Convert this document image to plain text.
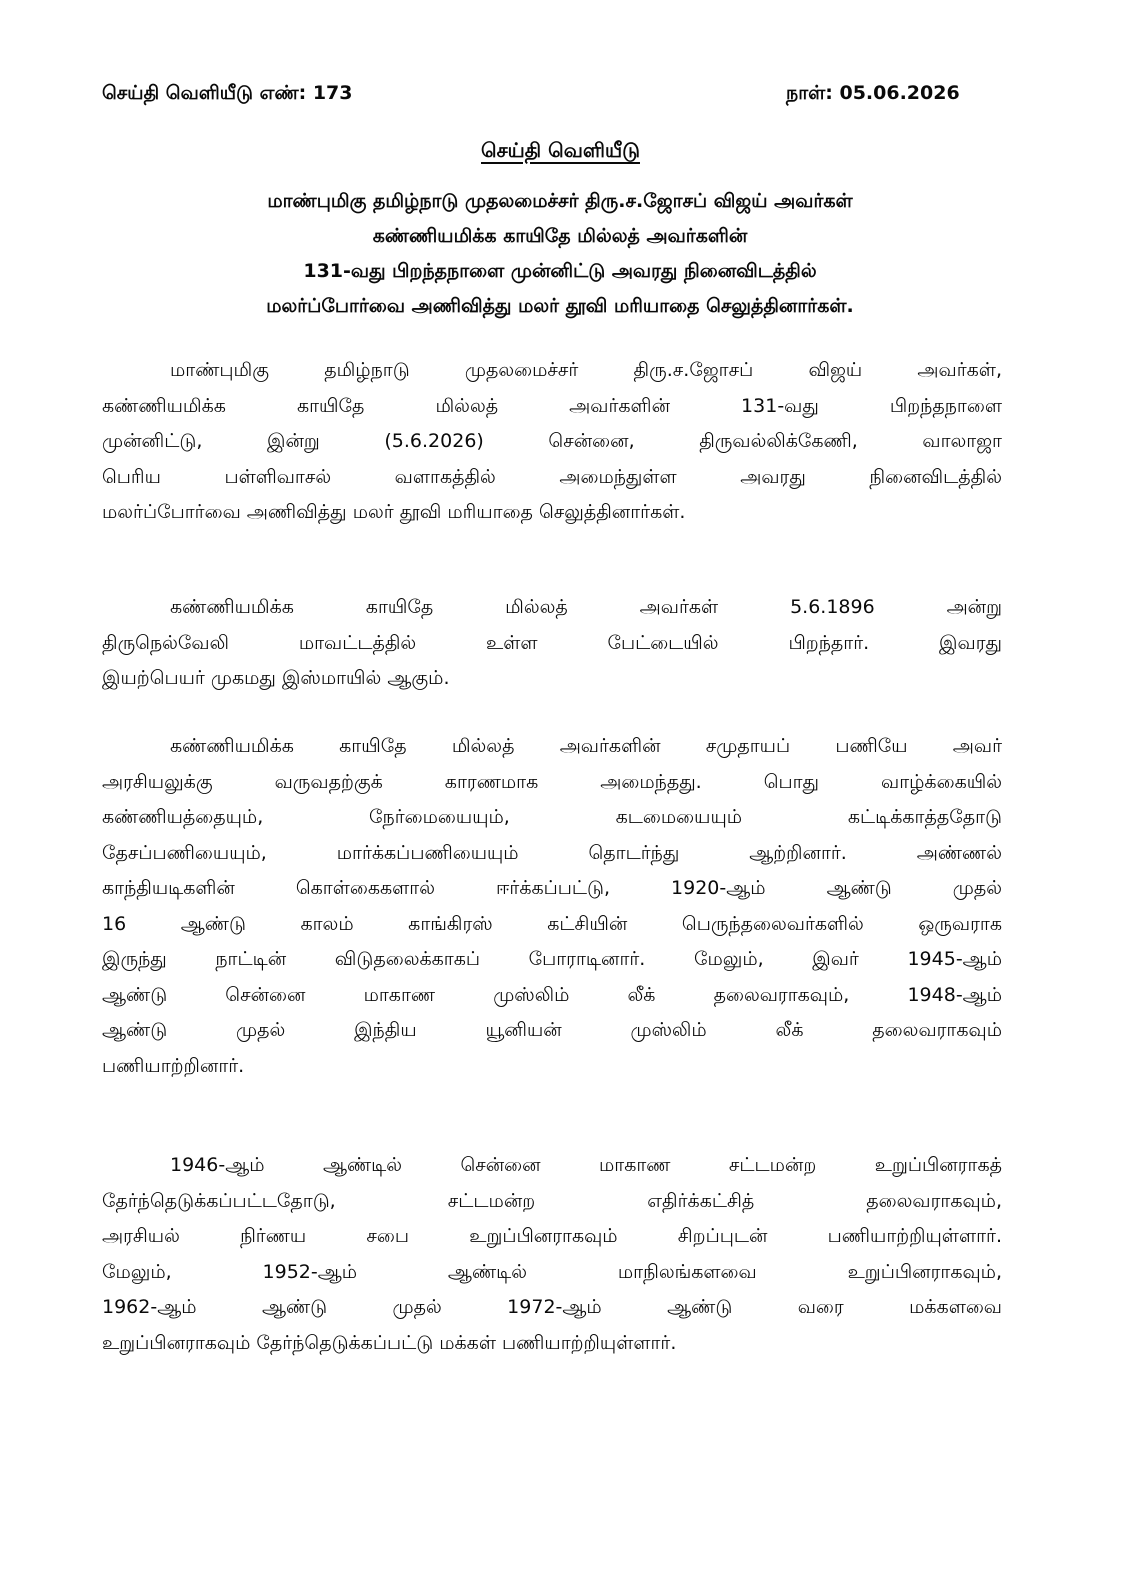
செய்தி வெளியீடு எண்: 173	நாள்: 05.06.2026
செய்தி வெளியீடு
மாண்புமிகு தமிழ்நாடு முதலமைச்சர் திரு.ச.ஜோசப் விஜய் அவர்கள்
கண்ணியமிக்க காயிதே மில்லத் அவர்களின்
131-வது பிறந்தநாளை முன்னிட்டு அவரது நினைவிடத்தில்
மலர்ப்போர்வை அணிவித்து மலர் தூவி மரியாதை செலுத்தினார்கள்.
மாண்புமிகு தமிழ்நாடு முதலமைச்சர் திரு.ச.ஜோசப் விஜய் அவர்கள்,
கண்ணியமிக்க காயிதே மில்லத் அவர்களின் 131-வது பிறந்தநாளை
முன்னிட்டு, இன்று (5.6.2026) சென்னை, திருவல்லிக்கேணி, வாலாஜா
பெரிய பள்ளிவாசல் வளாகத்தில் அமைந்துள்ள அவரது நினைவிடத்தில்
மலர்ப்போர்வை அணிவித்து மலர் தூவி மரியாதை செலுத்தினார்கள்.
கண்ணியமிக்க காயிதே மில்லத் அவர்கள் 5.6.1896 அன்று
திருநெல்வேலி மாவட்டத்தில் உள்ள பேட்டையில் பிறந்தார். இவரது
இயற்பெயர் முகமது இஸ்மாயில் ஆகும்.
கண்ணியமிக்க காயிதே மில்லத் அவர்களின் சமுதாயப் பணியே அவர்
அரசியலுக்கு வருவதற்குக் காரணமாக அமைந்தது. பொது வாழ்க்கையில்
கண்ணியத்தையும், நேர்மையையும், கடமையையும் கட்டிக்காத்ததோடு
தேசப்பணியையும், மார்க்கப்பணியையும் தொடர்ந்து ஆற்றினார். அண்ணல்
காந்தியடிகளின் கொள்கைகளால் ஈர்க்கப்பட்டு, 1920-ஆம் ஆண்டு முதல்
16 ஆண்டு காலம் காங்கிரஸ் கட்சியின் பெருந்தலைவர்களில் ஒருவராக
இருந்து நாட்டின் விடுதலைக்காகப் போராடினார். மேலும், இவர் 1945-ஆம்
ஆண்டு சென்னை மாகாண முஸ்லிம் லீக் தலைவராகவும், 1948-ஆம்
ஆண்டு முதல் இந்திய யூனியன் முஸ்லிம் லீக் தலைவராகவும்
பணியாற்றினார்.
1946-ஆம் ஆண்டில் சென்னை மாகாண சட்டமன்ற உறுப்பினராகத்
தேர்ந்தெடுக்கப்பட்டதோடு, சட்டமன்ற எதிர்க்கட்சித் தலைவராகவும்,
அரசியல் நிர்ணய சபை உறுப்பினராகவும் சிறப்புடன் பணியாற்றியுள்ளார்.
மேலும், 1952-ஆம் ஆண்டில் மாநிலங்களவை உறுப்பினராகவும்,
1962-ஆம் ஆண்டு முதல் 1972-ஆம் ஆண்டு வரை மக்களவை
உறுப்பினராகவும் தேர்ந்தெடுக்கப்பட்டு மக்கள் பணியாற்றியுள்ளார்.
